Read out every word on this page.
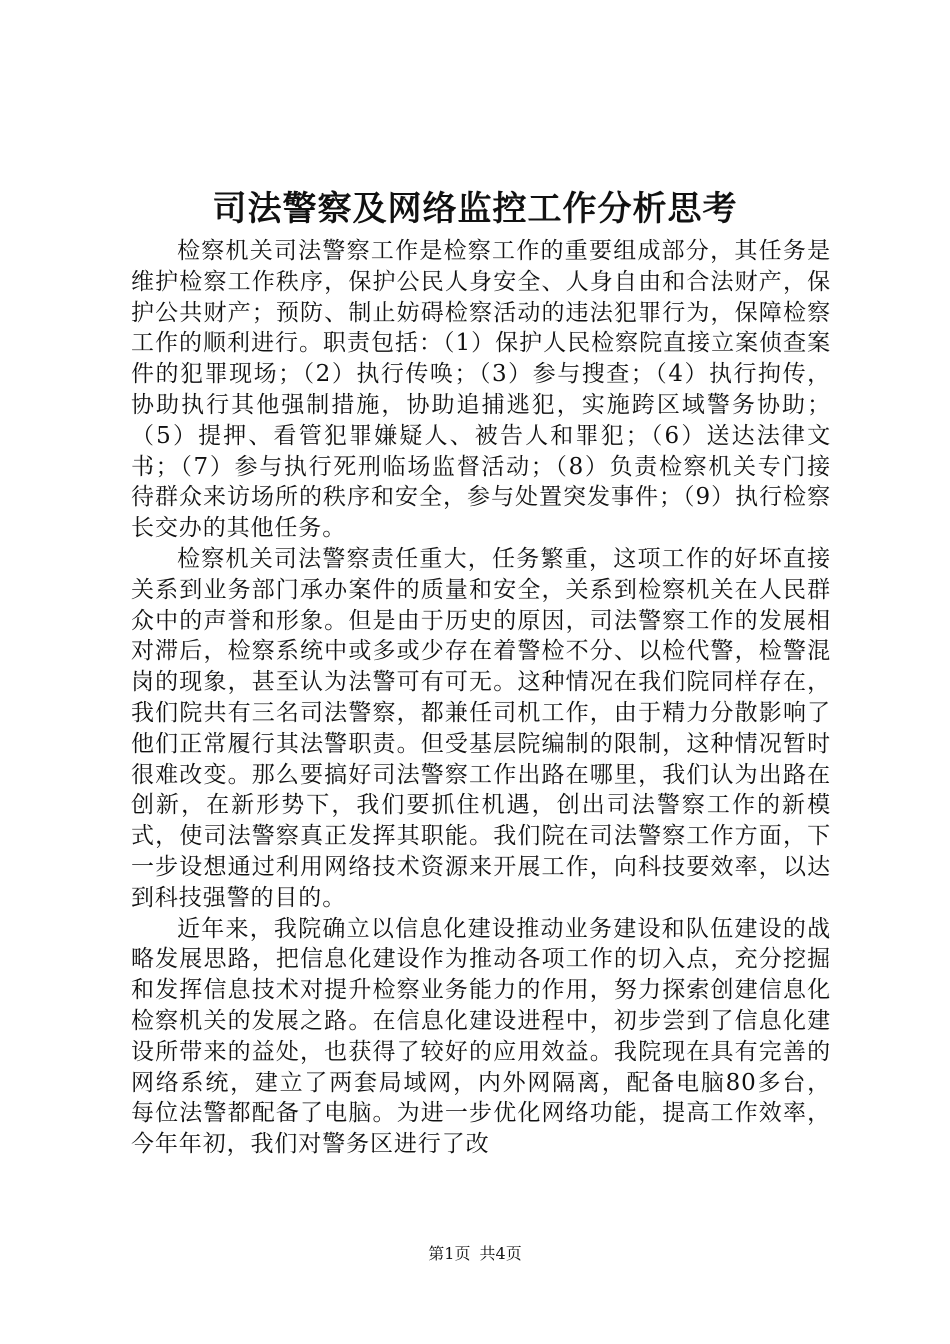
司法警察及网络监控工作分析思考

检察机关司法警察工作是检察工作的重要组成部分，其任务是维护检察工作秩序，保护公民人身安全、人身自由和合法财产，保护公共财产；预防、制止妨碍检察活动的违法犯罪行为，保障检察工作的顺利进行。职责包括：（1）保护人民检察院直接立案侦查案件的犯罪现场；（2）执行传唤；（3）参与搜查；（4）执行拘传，协助执行其他强制措施，协助追捕逃犯，实施跨区域警务协助；（5）提押、看管犯罪嫌疑人、被告人和罪犯；（6）送达法律文书；（7）参与执行死刑临场监督活动；（8）负责检察机关专门接待群众来访场所的秩序和安全，参与处置突发事件；（9）执行检察长交办的其他任务。

检察机关司法警察责任重大，任务繁重，这项工作的好坏直接关系到业务部门承办案件的质量和安全，关系到检察机关在人民群众中的声誉和形象。但是由于历史的原因，司法警察工作的发展相对滞后，检察系统中或多或少存在着警检不分、以检代警，检警混岗的现象，甚至认为法警可有可无。这种情况在我们院同样存在，我们院共有三名司法警察，都兼任司机工作，由于精力分散影响了他们正常履行其法警职责。但受基层院编制的限制，这种情况暂时很难改变。那么要搞好司法警察工作出路在哪里，我们认为出路在创新，在新形势下，我们要抓住机遇，创出司法警察工作的新模式，使司法警察真正发挥其职能。我们院在司法警察工作方面，下一步设想通过利用网络技术资源来开展工作，向科技要效率，以达到科技强警的目的。

近年来，我院确立以信息化建设推动业务建设和队伍建设的战略发展思路，把信息化建设作为推动各项工作的切入点，充分挖掘和发挥信息技术对提升检察业务能力的作用，努力探索创建信息化检察机关的发展之路。在信息化建设进程中，初步尝到了信息化建设所带来的益处，也获得了较好的应用效益。我院现在具有完善的网络系统，建立了两套局域网，内外网隔离，配备电脑80多台，每位法警都配备了电脑。为进一步优化网络功能，提高工作效率，今年年初，我们对警务区进行了改

第1页 共4页
